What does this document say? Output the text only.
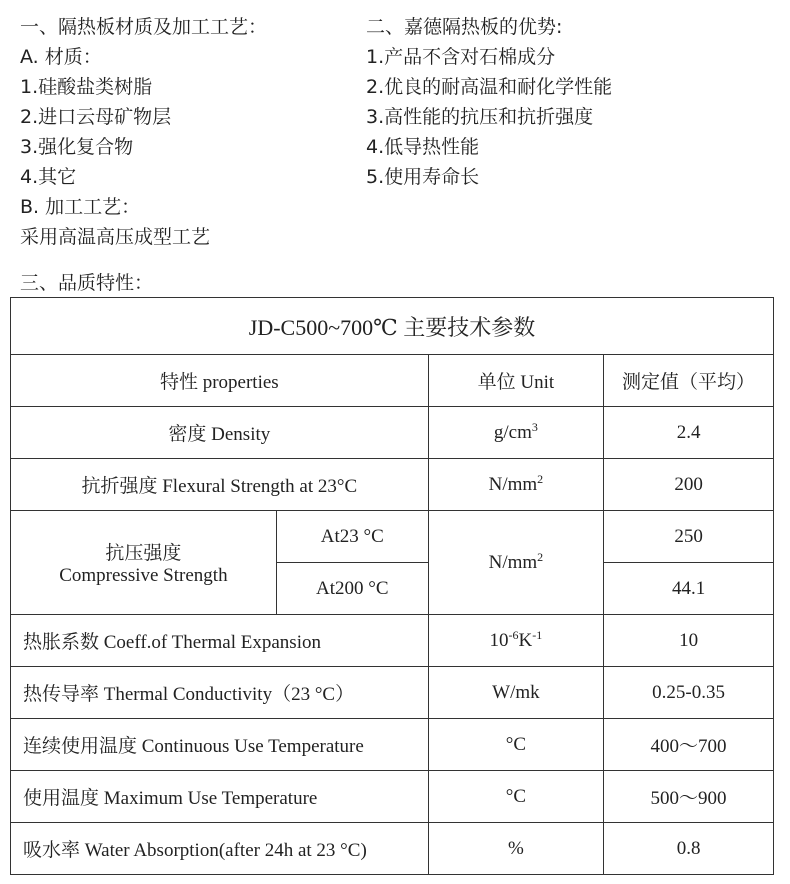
一、隔热板材质及加工工艺：
A. 材质：
1.硅酸盐类树脂
2.进口云母矿物层
3.强化复合物
4.其它
B. 加工工艺：
采用高温高压成型工艺
二、嘉德隔热板的优势:
1.产品不含对石棉成分
2.优良的耐高温和耐化学性能
3.高性能的抗压和抗折强度
4.低导热性能
5.使用寿命长
三、品质特性：
JD-C500~700℃ 主要技术参数			
特性 properties		单位 Unit	测定值（平均）
密度 Density		$g/cm^3$	2.4
抗折强度 Flexural Strength at 23°C		$N/mm^2$	200

抗压强度
Compressive Strength	At23 °C	$N/mm^2$	250
	At200 °C		44.1
热胀系数 Coeff.of Thermal Expansion		$10^{-6}K^{-1}$	10
热传导率 Thermal Conductivity（23 °C）		W/mk	0.25-0.35
连续使用温度 Continuous Use Temperature		°C	400～700
使用温度 Maximum Use Temperature		°C	500～900
吸水率 Water Absorption(after 24h at 23 °C)		%	0.8
